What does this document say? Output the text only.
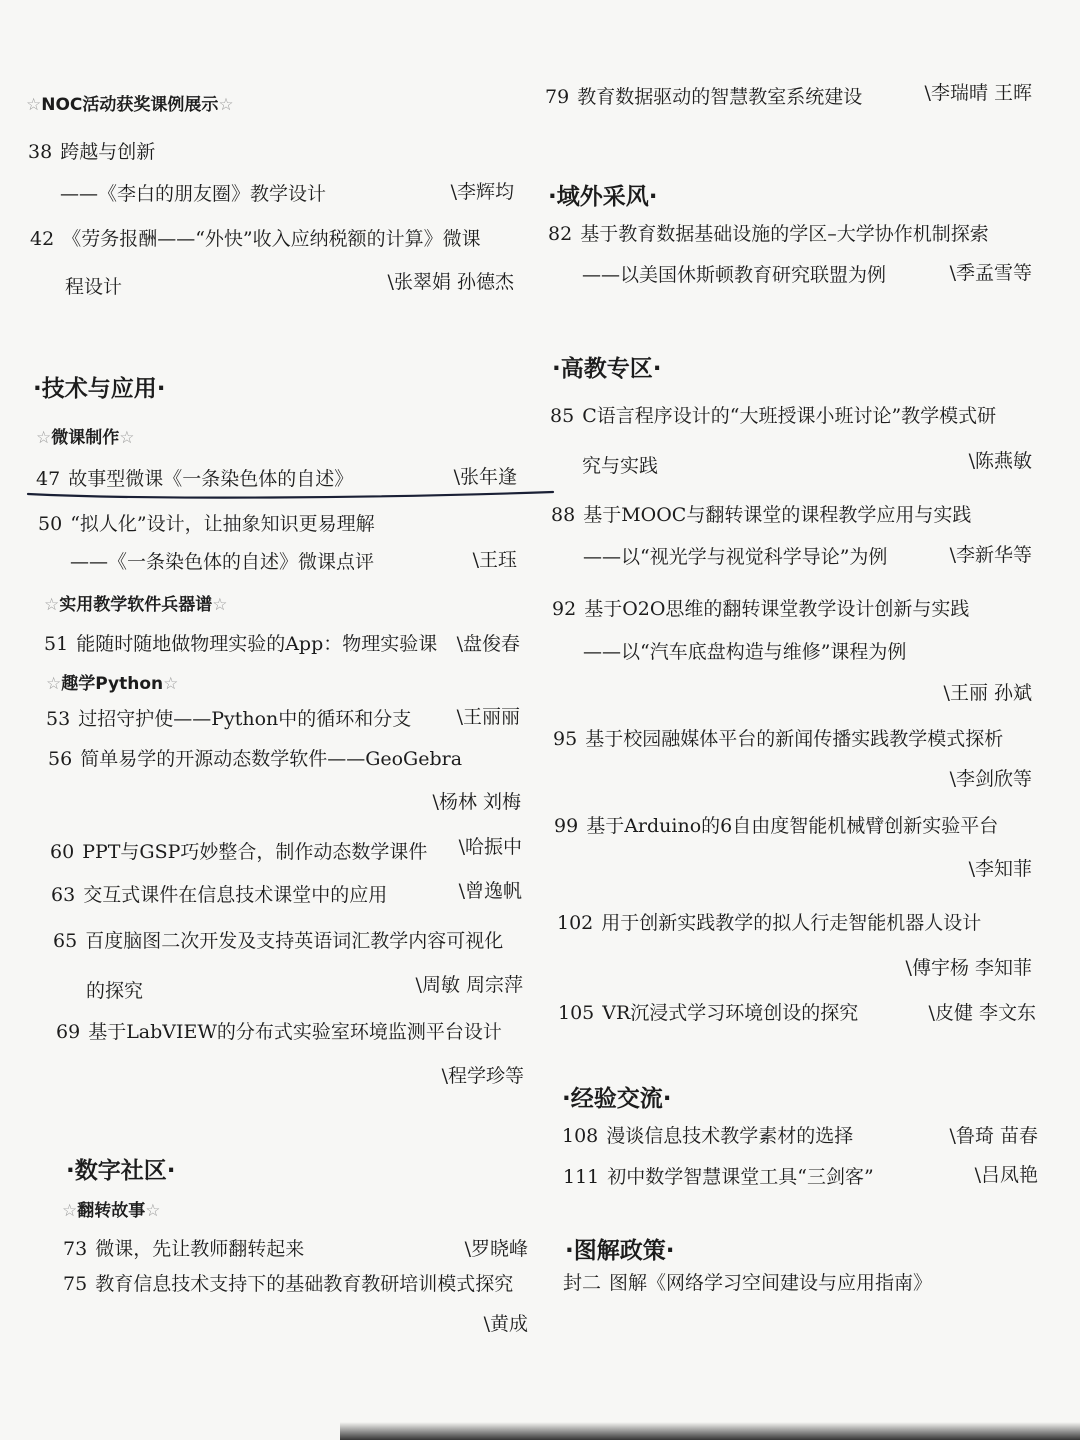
☆NOC活动获奖课例展示☆
38 跨越与创新
——《李白的朋友圈》教学设计	\李辉均
42 《劳务报酬——“外快”收入应纳税额的计算》微课
程设计	\张翠娟 孙德杰
·技术与应用·
☆微课制作☆
47 故事型微课《一条染色体的自述》	\张年逢
50 “拟人化”设计，让抽象知识更易理解
——《一条染色体的自述》微课点评	\王珏
☆实用教学软件兵器谱☆
51 能随时随地做物理实验的App：物理实验课	\盘俊春
☆趣学Python☆
53 过招守护使——Python中的循环和分支	\王丽丽
56 简单易学的开源动态数学软件——GeoGebra
\杨林 刘梅
60 PPT与GSP巧妙整合，制作动态数学课件	\哈振中
63 交互式课件在信息技术课堂中的应用	\曾逸帆
65 百度脑图二次开发及支持英语词汇教学内容可视化
的探究	\周敏 周宗萍
69 基于LabVIEW的分布式实验室环境监测平台设计
\程学珍等
·数字社区·
☆翻转故事☆
73 微课，先让教师翻转起来	\罗晓峰
75 教育信息技术支持下的基础教育教研培训模式探究
\黄成
79 教育数据驱动的智慧教室系统建设	\李瑞晴 王晖
·域外采风·
82 基于教育数据基础设施的学区–大学协作机制探索
——以美国休斯顿教育研究联盟为例	\季孟雪等
·高教专区·
85 C语言程序设计的“大班授课小班讨论”教学模式研
究与实践	\陈燕敏
88 基于MOOC与翻转课堂的课程教学应用与实践
——以“视光学与视觉科学导论”为例	\李新华等
92 基于O2O思维的翻转课堂教学设计创新与实践
——以“汽车底盘构造与维修”课程为例
\王丽 孙斌
95 基于校园融媒体平台的新闻传播实践教学模式探析
\李剑欣等
99 基于Arduino的6自由度智能机械臂创新实验平台
\李知菲
102 用于创新实践教学的拟人行走智能机器人设计
\傅宇杨 李知菲
105 VR沉浸式学习环境创设的探究	\皮健 李文东
·经验交流·
108 漫谈信息技术教学素材的选择	\鲁琦 苗春
111 初中数学智慧课堂工具“三剑客”	\吕凤艳
·图解政策·
封二 图解《网络学习空间建设与应用指南》
